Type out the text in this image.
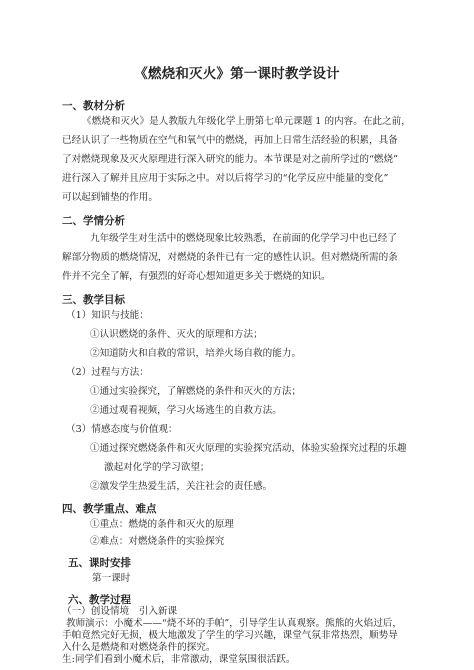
《燃烧和灭火》第一课时教学设计
一、教材分析
《燃烧和灭火》是人教版九年级化学上册第七单元课题 1 的内容。在此之前，
已经认识了一些物质在空气和氧气中的燃烧，再加上日常生活经验的积累，具备
了对燃烧现象及灭火原理进行深入研究的能力。本节课是对之前所学过的“燃烧”
进行深入了解并且应用于实际之中。对以后将学习的“化学反应中能量的变化”
可以起到铺垫的作用。
二、学情分析
九年级学生对生活中的燃烧现象比较熟悉，在前面的化学学习中也已经了
解部分物质的燃烧情况，对燃烧的条件已有一定的感性认识。但对燃烧所需的条
件并不完全了解，有强烈的好奇心想知道更多关于燃烧的知识。
三、教学目标
（1）知识与技能：
①认识燃烧的条件、灭火的原理和方法；
②知道防火和自救的常识，培养火场自救的能力。
（2）过程与方法：
①通过实验探究，了解燃烧的条件和灭火的方法；
②通过观看视频，学习火场逃生的自救方法。
（3）情感态度与价值观：
①通过探究燃烧条件和灭火原理的实验探究活动，体验实验探究过程的乐趣
激起对化学的学习欲望；
②激发学生热爱生活，关注社会的责任感。
四、教学重点、难点
①重点：燃烧的条件和灭火的原理
②难点：对燃烧条件的实验探究
五、课时安排
第一课时
六、教学过程
（一）创设情境　引入新课
教师演示：小魔术——“烧不坏的手帕”，引导学生认真观察。熊熊的火焰过后，
手帕竟然完好无损，极大地激发了学生的学习兴趣，课堂气氛非常热烈，顺势导
入什么是燃烧和对燃烧条件的探究。
生:同学们看到小魔术后，非常激动，课堂氛围很活跃。
